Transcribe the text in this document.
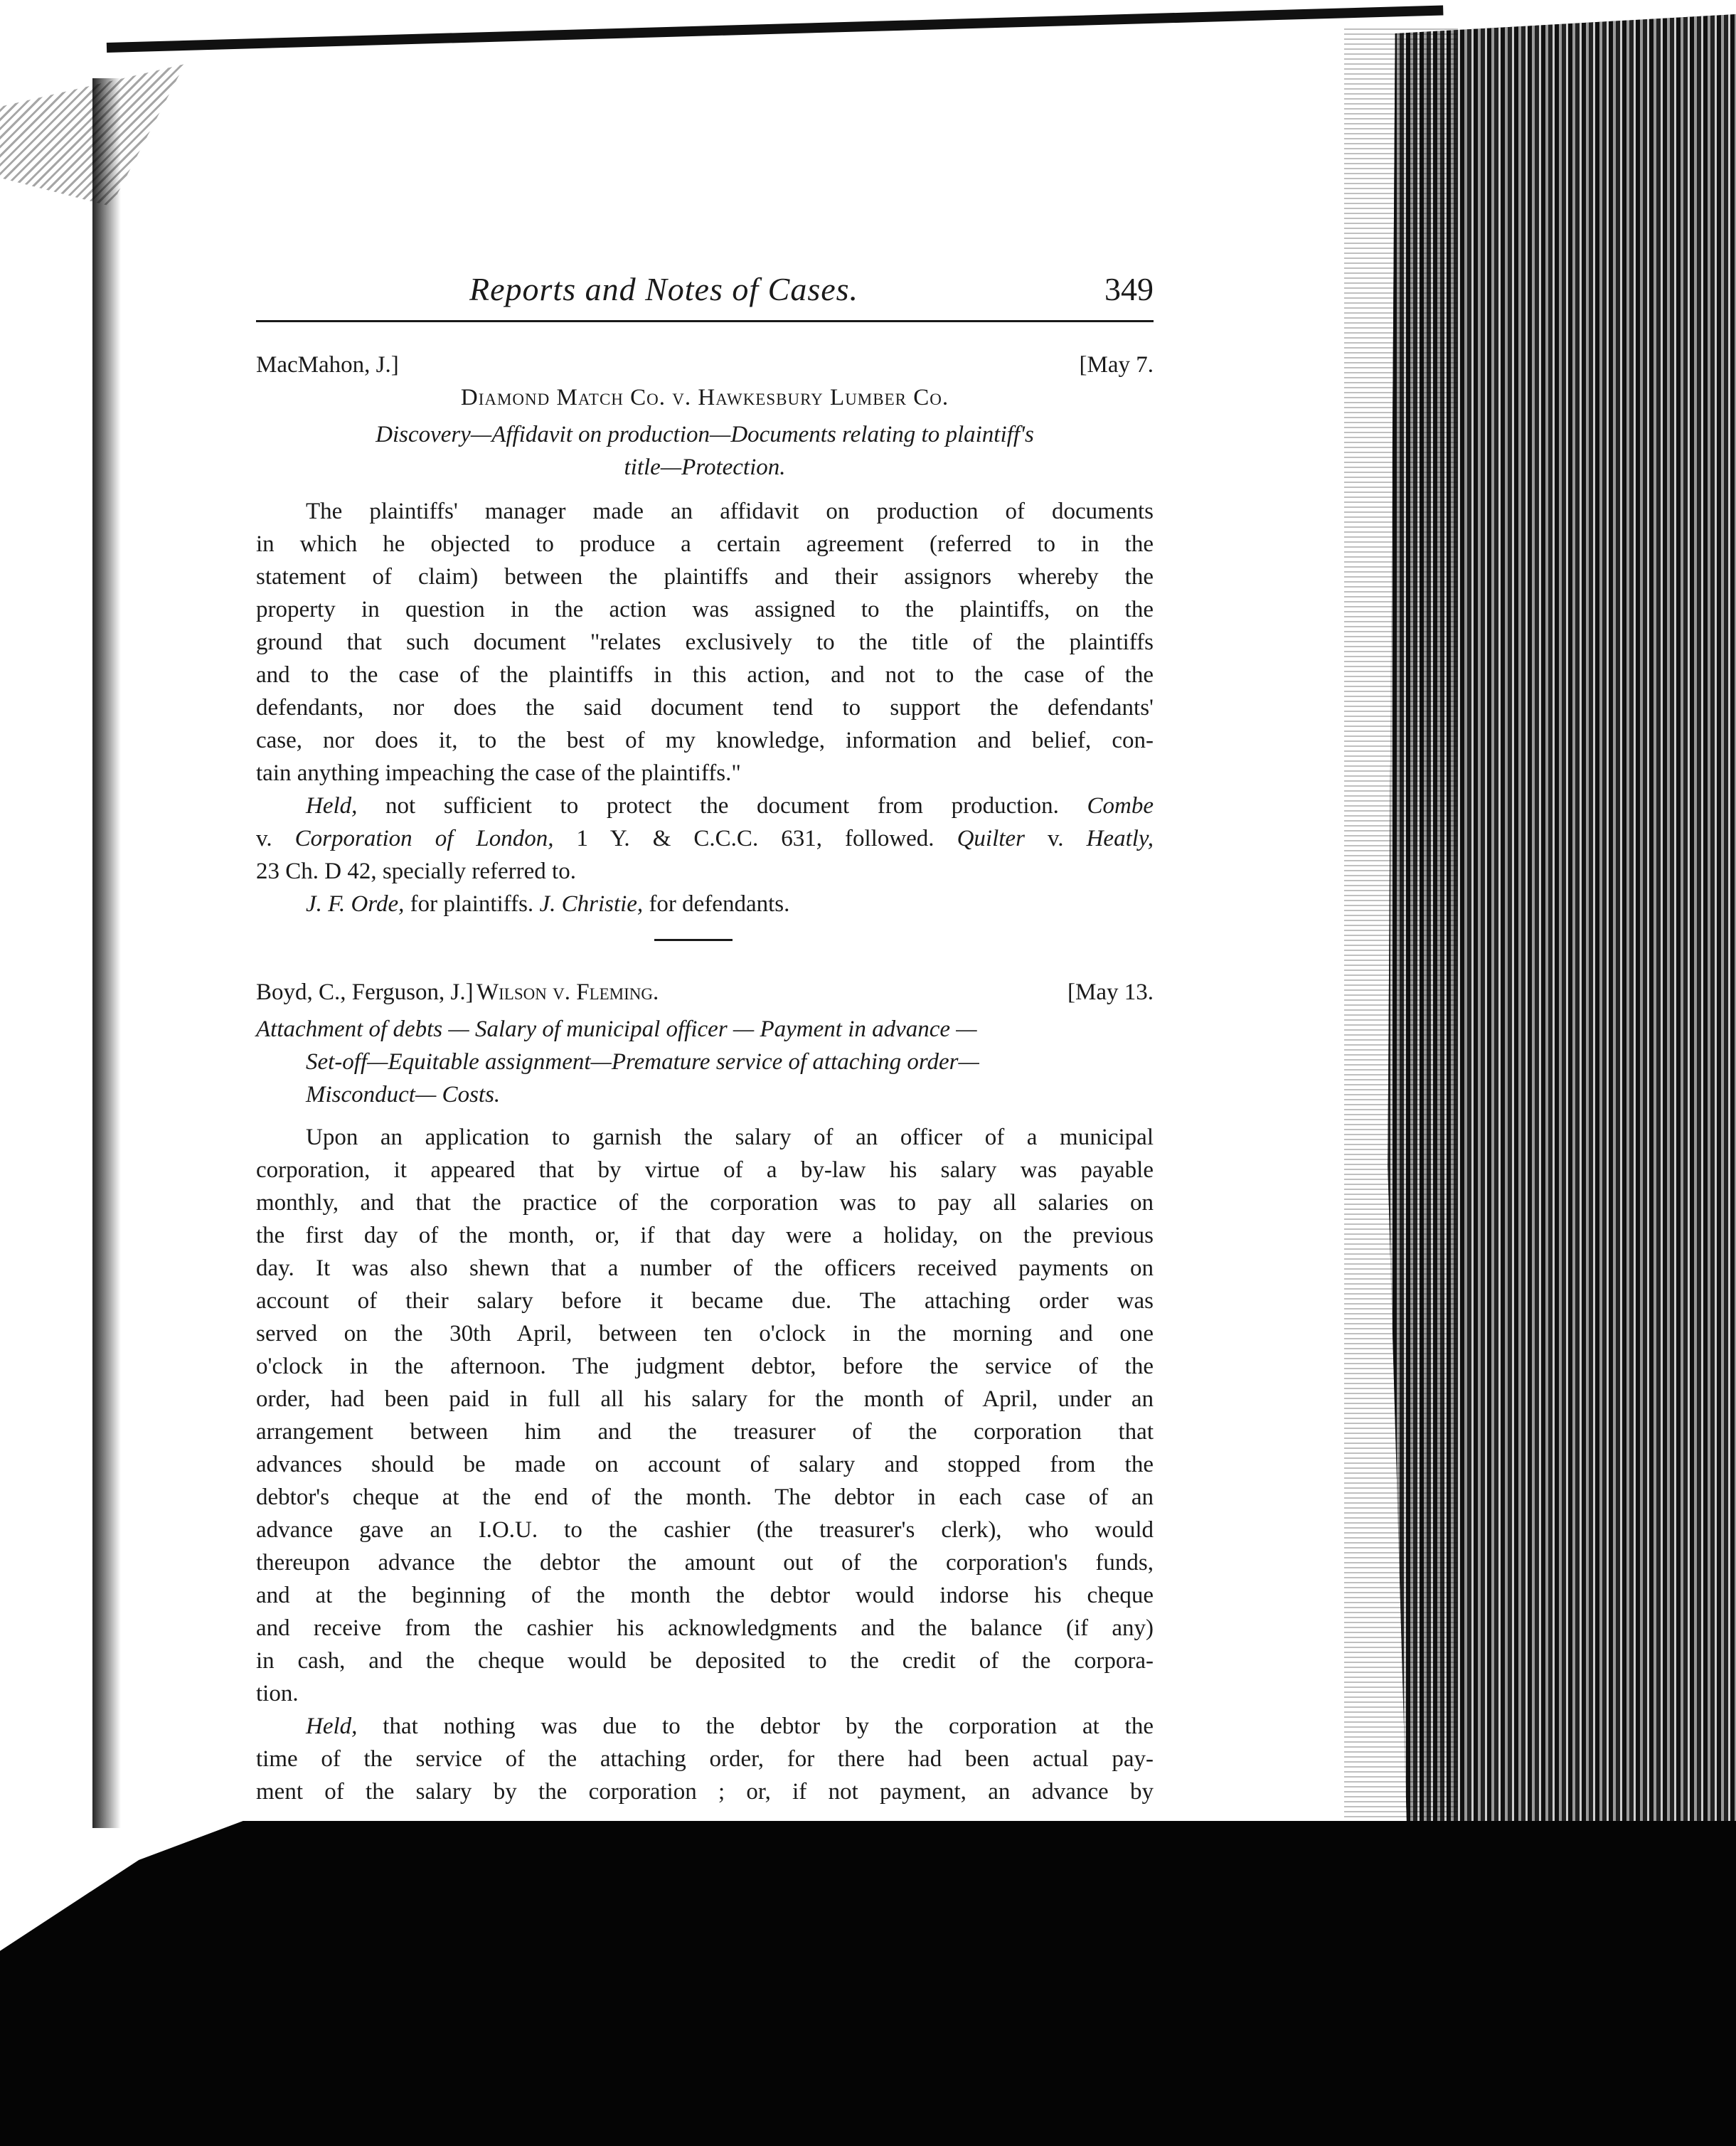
Reports and Notes of Cases.	349
MacMahon, J.]	[May 7.
Diamond Match Co. v. Hawkesbury Lumber Co.
Discovery—Affidavit on production—Documents relating to plaintiff's
title—Protection.
The plaintiffs' manager made an affidavit on production of documents
in which he objected to produce a certain agreement (referred to in the
statement of claim) between the plaintiffs and their assignors whereby the
property in question in the action was assigned to the plaintiffs, on the
ground that such document "relates exclusively to the title of the plaintiffs
and to the case of the plaintiffs in this action, and not to the case of the
defendants, nor does the said document tend to support the defendants'
case, nor does it, to the best of my knowledge, information and belief, con-
tain anything impeaching the case of the plaintiffs."
Held, not sufficient to protect the document from production. Combe
v. Corporation of London, 1 Y. & C.C.C. 631, followed. Quilter v. Heatly,
23 Ch. D 42, specially referred to.
J. F. Orde, for plaintiffs. J. Christie, for defendants.
Boyd, C., Ferguson, J.] Wilson v. Fleming.	[May 13.
Attachment of debts — Salary of municipal officer — Payment in advance —
Set-off—Equitable assignment—Premature service of attaching order—
Misconduct— Costs.
Upon an application to garnish the salary of an officer of a municipal
corporation, it appeared that by virtue of a by-law his salary was payable
monthly, and that the practice of the corporation was to pay all salaries on
the first day of the month, or, if that day were a holiday, on the previous
day. It was also shewn that a number of the officers received payments on
account of their salary before it became due. The attaching order was
served on the 30th April, between ten o'clock in the morning and one
o'clock in the afternoon. The judgment debtor, before the service of the
order, had been paid in full all his salary for the month of April, under an
arrangement between him and the treasurer of the corporation that
advances should be made on account of salary and stopped from the
debtor's cheque at the end of the month. The debtor in each case of an
advance gave an I.O.U. to the cashier (the treasurer's clerk), who would
thereupon advance the debtor the amount out of the corporation's funds,
and at the beginning of the month the debtor would indorse his cheque
and receive from the cashier his acknowledgments and the balance (if any)
in cash, and the cheque would be deposited to the credit of the corpora-
tion.
Held, that nothing was due to the debtor by the corporation at the
time of the service of the attaching order, for there had been actual pay-
ment of the salary by the corporation ; or, if not payment, an advance by
